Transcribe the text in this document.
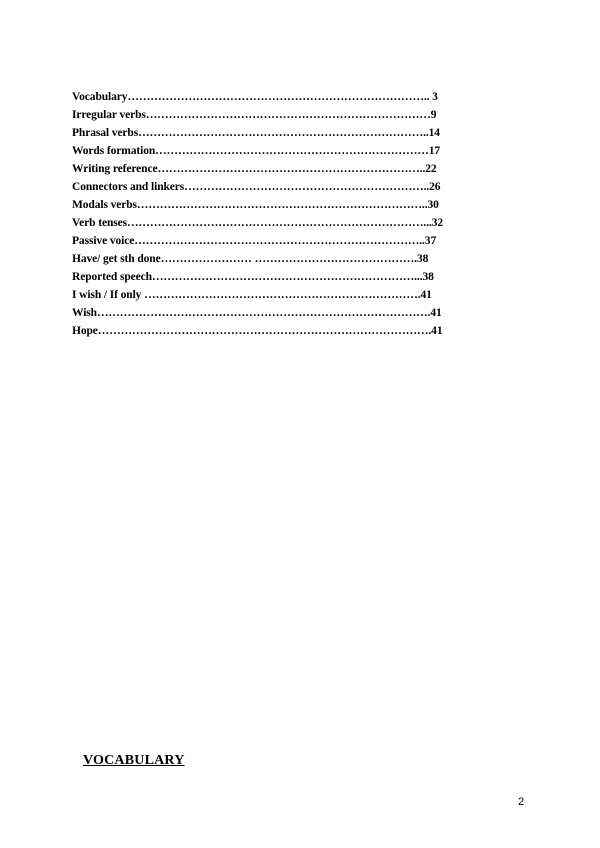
Vocabulary…………………………………………………………………….. 3
Irregular verbs…………………………………………………………………9
Phrasal verbs…………………………………………………………………..14
Words formation………………………………………………………………17
Writing reference……………………………………………………………..22
Connectors and linkers………………………………………………………..26
Modals verbs…………………………………………………………………..30
Verb tenses……………………………………………………………………...32
Passive voice…………………………………………………………………..37
Have/ get sth done…………………… …………………………………….38
Reported speech……………………………………………………………...38
I wish / If only ……………………………………………………………….41
Wish…………………………………………………………………………….41
Hope…………………………………………………………………………….41
VOCABULARY
2
